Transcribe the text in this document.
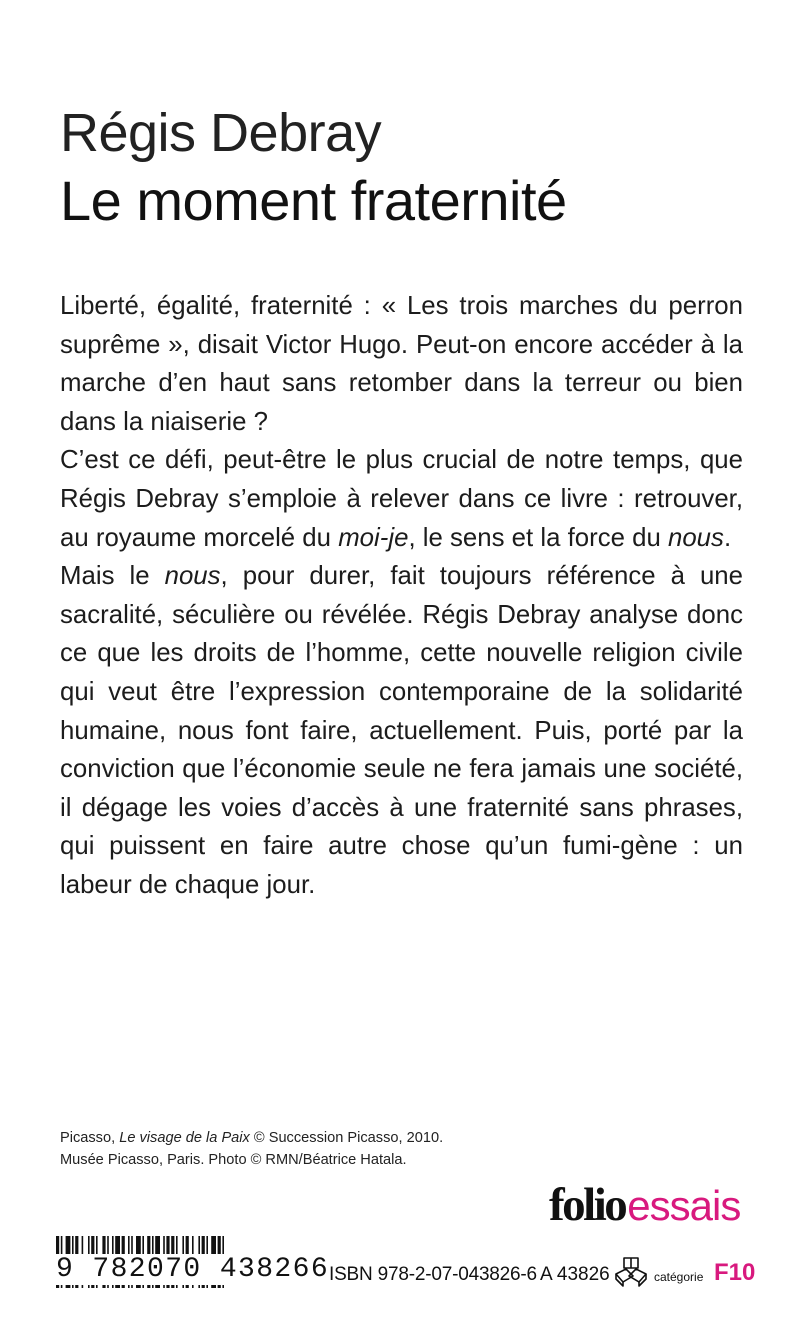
Régis Debray
Le moment fraternité

Liberté, égalité, fraternité : « Les trois marches du perron suprême », disait Victor Hugo. Peut-on encore accéder à la marche d’en haut sans retomber dans la terreur ou bien dans la niaiserie ?

C’est ce défi, peut-être le plus crucial de notre temps, que Régis Debray s’emploie à relever dans ce livre : retrouver, au royaume morcelé du moi-je, le sens et la force du nous.

Mais le nous, pour durer, fait toujours référence à une sacralité, séculière ou révélée. Régis Debray analyse donc ce que les droits de l’homme, cette nouvelle religion civile qui veut être l’expression contemporaine de la solidarité humaine, nous font faire, actuellement. Puis, porté par la conviction que l’économie seule ne fera jamais une société, il dégage les voies d’accès à une fraternité sans phrases, qui puissent en faire autre chose qu’un fumi-gène : un labeur de chaque jour.

Picasso, Le visage de la Paix © Succession Picasso, 2010.

Musée Picasso, Paris. Photo © RMN/Béatrice Hatala.

folioessais
9 782070 438266 ISBN 978-2-07-043826-6 A 43826	catégorie F10
